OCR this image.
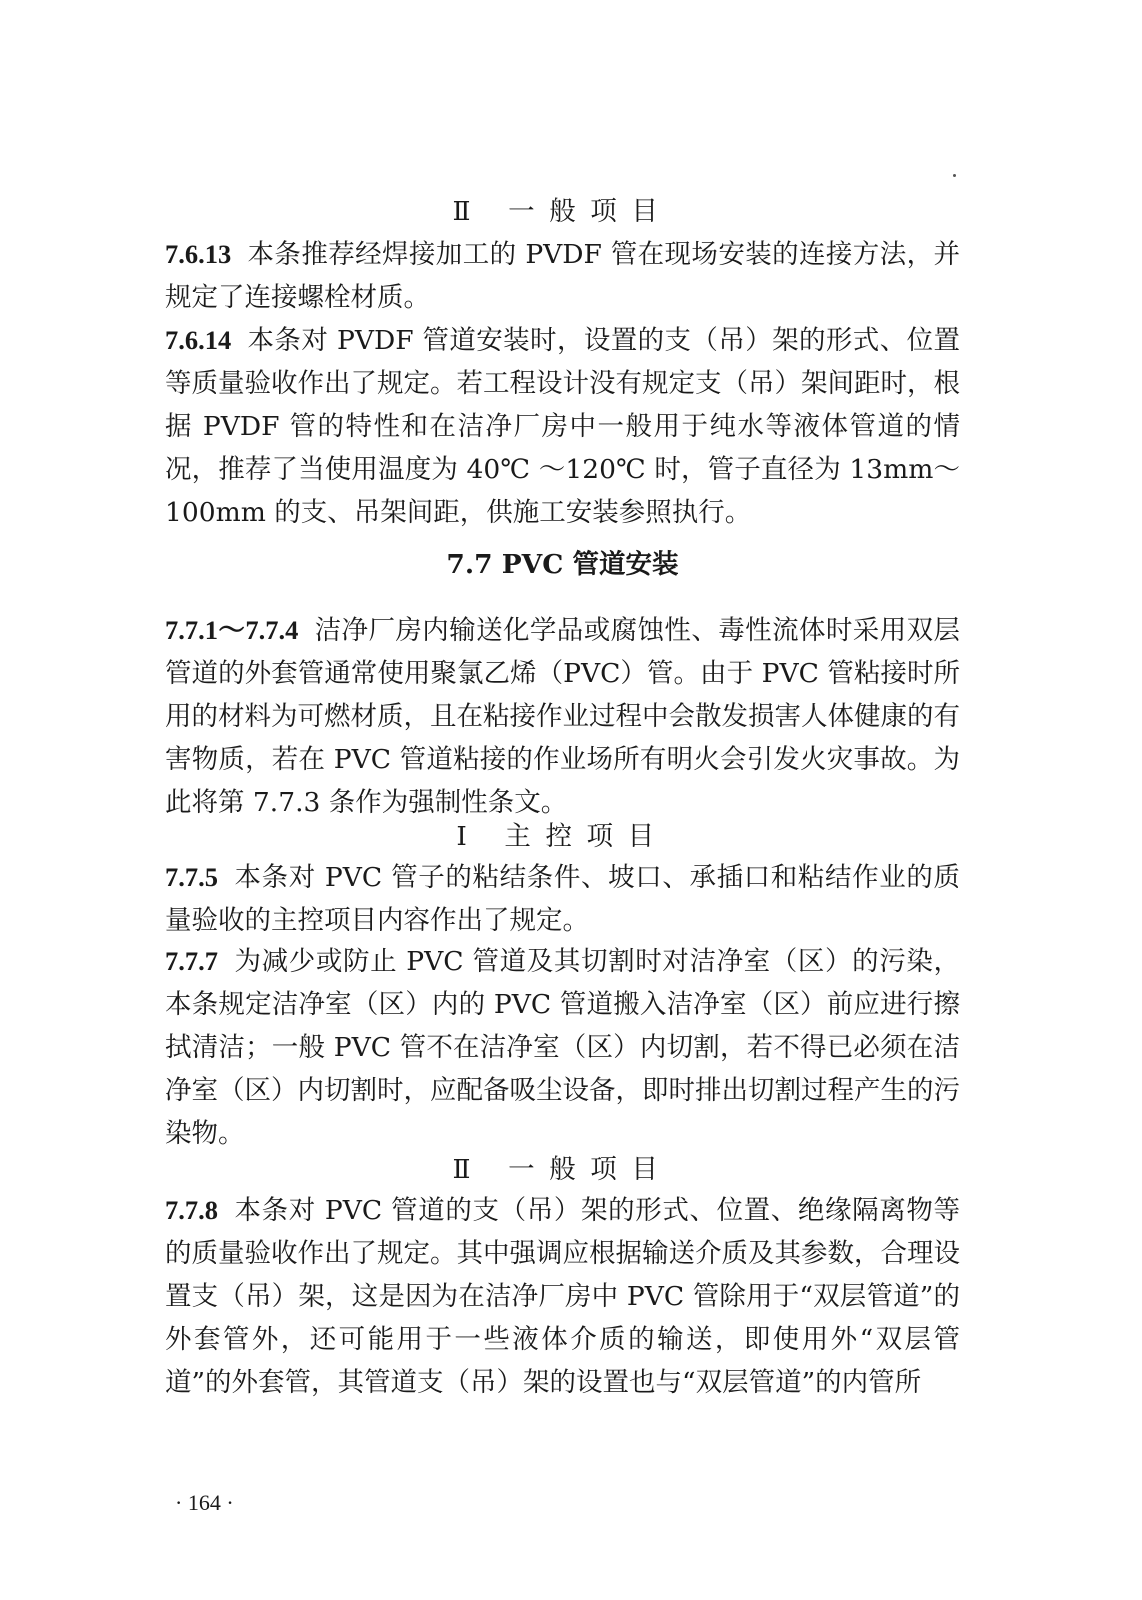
Ⅱ 一般项目

7.6.13 本条推荐经焊接加工的 PVDF 管在现场安装的连接方法，并规定了连接螺栓材质。

7.6.14 本条对 PVDF 管道安装时，设置的支（吊）架的形式、位置等质量验收作出了规定。若工程设计没有规定支（吊）架间距时，根据 PVDF 管的特性和在洁净厂房中一般用于纯水等液体管道的情况，推荐了当使用温度为 40℃ ～120℃ 时，管子直径为 13mm～100mm 的支、吊架间距，供施工安装参照执行。

7.7 PVC 管道安装

7.7.1～7.7.4 洁净厂房内输送化学品或腐蚀性、毒性流体时采用双层管道的外套管通常使用聚氯乙烯（PVC）管。由于 PVC 管粘接时所用的材料为可燃材质，且在粘接作业过程中会散发损害人体健康的有害物质，若在 PVC 管道粘接的作业场所有明火会引发火灾事故。为此将第 7.7.3 条作为强制性条文。

Ⅰ 主控项目

7.7.5 本条对 PVC 管子的粘结条件、坡口、承插口和粘结作业的质量验收的主控项目内容作出了规定。

7.7.7 为减少或防止 PVC 管道及其切割时对洁净室（区）的污染，本条规定洁净室（区）内的 PVC 管道搬入洁净室（区）前应进行擦拭清洁；一般 PVC 管不在洁净室（区）内切割，若不得已必须在洁净室（区）内切割时，应配备吸尘设备，即时排出切割过程产生的污染物。

Ⅱ 一般项目

7.7.8 本条对 PVC 管道的支（吊）架的形式、位置、绝缘隔离物等的质量验收作出了规定。其中强调应根据输送介质及其参数，合理设置支（吊）架，这是因为在洁净厂房中 PVC 管除用于“双层管道”的外套管外，还可能用于一些液体介质的输送，即使用外“双层管道”的外套管，其管道支（吊）架的设置也与“双层管道”的内管所

· 164 ·
